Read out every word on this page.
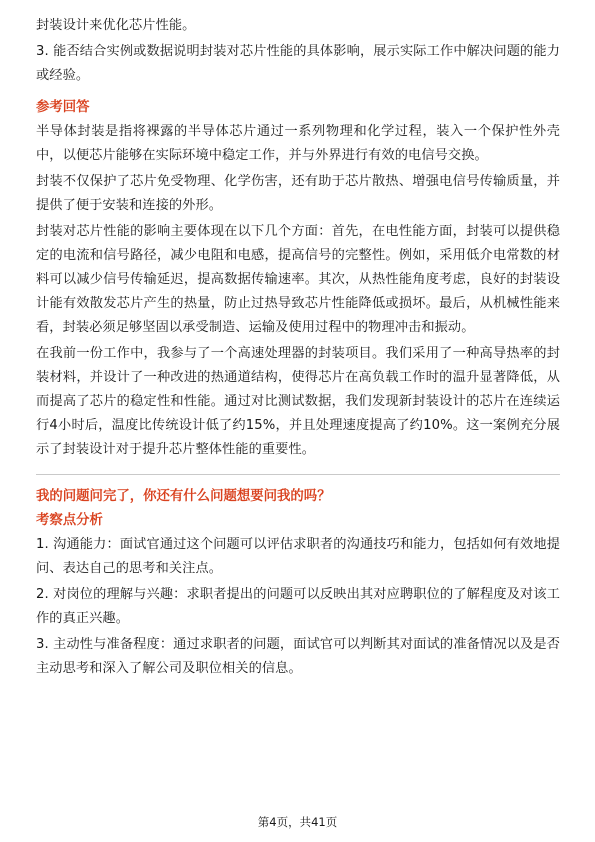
封装设计来优化芯片性能。

3. 能否结合实例或数据说明封装对芯片性能的具体影响，展示实际工作中解决问题的能力或经验。

参考回答

半导体封装是指将裸露的半导体芯片通过一系列物理和化学过程，装入一个保护性外壳中，以便芯片能够在实际环境中稳定工作，并与外界进行有效的电信号交换。

封装不仅保护了芯片免受物理、化学伤害，还有助于芯片散热、增强电信号传输质量，并提供了便于安装和连接的外形。

封装对芯片性能的影响主要体现在以下几个方面：首先，在电性能方面，封装可以提供稳定的电流和信号路径，减少电阻和电感，提高信号的完整性。例如，采用低介电常数的材料可以减少信号传输延迟，提高数据传输速率。其次，从热性能角度考虑，良好的封装设计能有效散发芯片产生的热量，防止过热导致芯片性能降低或损坏。最后，从机械性能来看，封装必须足够坚固以承受制造、运输及使用过程中的物理冲击和振动。

在我前一份工作中，我参与了一个高速处理器的封装项目。我们采用了一种高导热率的封装材料，并设计了一种改进的热通道结构，使得芯片在高负载工作时的温升显著降低，从而提高了芯片的稳定性和性能。通过对比测试数据，我们发现新封装设计的芯片在连续运行4小时后，温度比传统设计低了约15%，并且处理速度提高了约10%。这一案例充分展示了封装设计对于提升芯片整体性能的重要性。

我的问题问完了，你还有什么问题想要问我的吗？
考察点分析

1. 沟通能力：面试官通过这个问题可以评估求职者的沟通技巧和能力，包括如何有效地提问、表达自己的思考和关注点。

2. 对岗位的理解与兴趣：求职者提出的问题可以反映出其对应聘职位的了解程度及对该工作的真正兴趣。

3. 主动性与准备程度：通过求职者的问题，面试官可以判断其对面试的准备情况以及是否主动思考和深入了解公司及职位相关的信息。

第4页，共41页
